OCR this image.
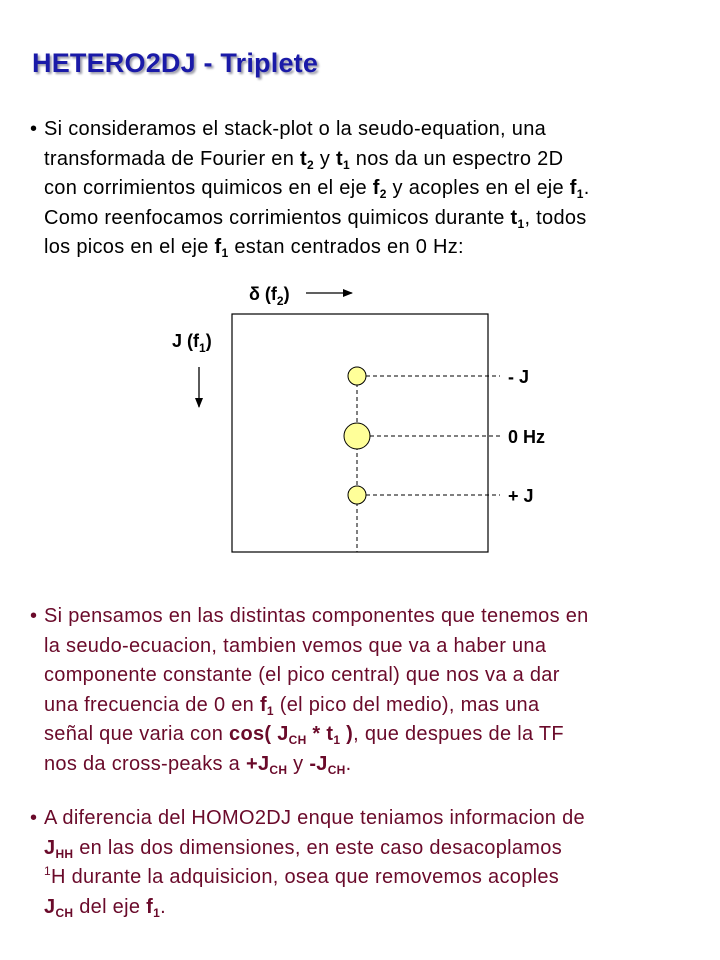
HETERO2DJ - Triplete
• Si consideramos el stack-plot o la seudo-equation, una
transformada de Fourier en $t_2$ y $t_1$ nos da un espectro 2D
con corrimientos quimicos en el eje $f_2$ y acoples en el eje $f_1$.
Como reenfocamos corrimientos quimicos durante $t_1$, todos
los picos en el eje $f_1$ estan centrados en 0 Hz:
δ $(f_2)$
J $(f_1)$
- J
0 Hz
+ J
• Si pensamos en las distintas componentes que tenemos en
la seudo-ecuacion, tambien vemos que va a haber una
componente constante (el pico central) que nos va a dar
una frecuencia de 0 en $f_1$ (el pico del medio), mas una
señal que varia con cos( $J_{CH} * t_1$ ), que despues de la TF
nos da cross-peaks $a +J_{CH}$ y $-J_{CH}$.
• A diferencia del HOMO2DJ enque teniamos informacion de
$J_{HH}$ en las dos dimensiones, en este caso desacoplamos
$^1$H durante la adquisicion, osea que removemos acoples
$J_{CH}$ del eje $f_1$.
